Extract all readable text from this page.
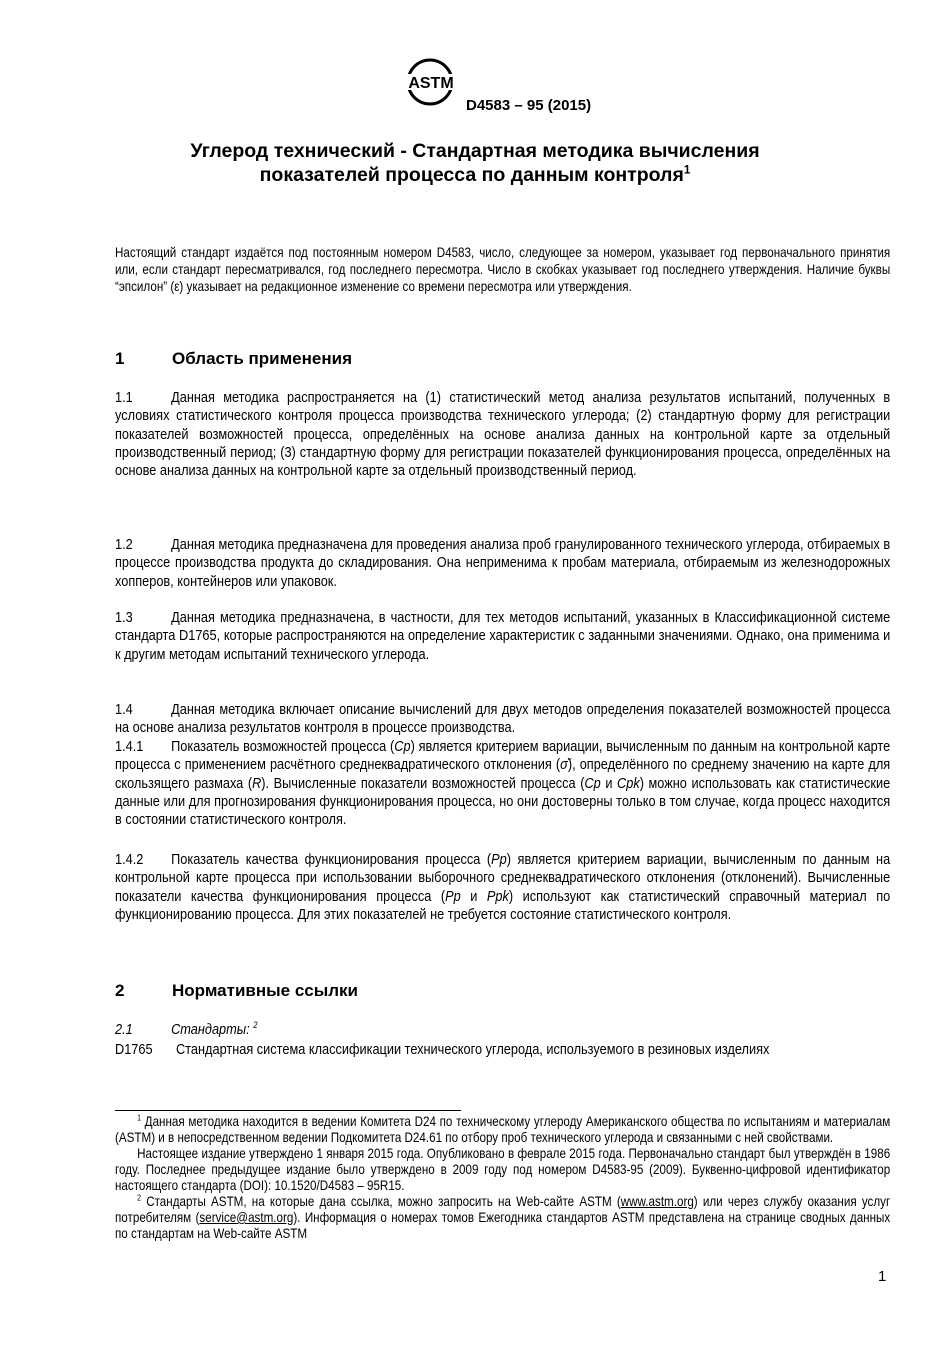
ASTM
D4583 – 95 (2015)
Углерод технический - Стандартная методика вычисления
показателей процесса по данным контроля$^1$
Настоящий стандарт издаётся под постоянным номером D4583, число, следующее за номером, указывает год первоначального принятия или, если стандарт пересматривался, год последнего пересмотра. Число в скобках указывает год последнего утверждения. Наличие буквы “эпсилон” (ε) указывает на редакционное изменение со времени пересмотра или утверждения.
1	Область применения

1.1	Данная методика распространяется на (1) статистический метод анализа результатов испытаний, полученных в условиях статистического контроля процесса производства технического углерода; (2) стандартную форму для регистрации показателей возможностей процесса, определённых на основе анализа данных на контрольной карте за отдельный производственный период; (3) стандартную форму для регистрации показателей функционирования процесса, определённых на основе анализа данных на контрольной карте за отдельный производственный период.

1.2	Данная методика предназначена для проведения анализа проб гранулированного технического углерода, отбираемых в процессе производства продукта до складирования. Она неприменима к пробам материала, отбираемым из железнодорожных хопперов, контейнеров или упаковок.

1.3	Данная методика предназначена, в частности, для тех методов испытаний, указанных в Классификационной системе стандарта D1765, которые распространяются на определение характеристик с заданными значениями. Однако, она применима и к другим методам испытаний технического углерода.

1.4	Данная методика включает описание вычислений для двух методов определения показателей возможностей процесса на основе анализа результатов контроля в процессе производства.

1.4.1 Показатель возможностей процесса (Cp) является критерием вариации, вычисленным по данным на контрольной карте процесса с применением расчётного среднеквадратического отклонения (σ̆), определённого по среднему значению на карте для скользящего размаха (R). Вычисленные показатели возможностей процесса (Cp и Cpk) можно использовать как статистические данные или для прогнозирования функционирования процесса, но они достоверны только в том случае, когда процесс находится в состоянии статистического контроля.

1.4.2 Показатель качества функционирования процесса (Pp) является критерием вариации, вычисленным по данным на контрольной карте процесса при использовании выборочного среднеквадратического отклонения (отклонений). Вычисленные показатели качества функционирования процесса (Pp и Ppk) используют как статистический справочный материал по функционированию процесса. Для этих показателей не требуется состояние статистического контроля.

2	Нормативные ссылки

2.1	Стандарты: $^2$

D1765 Стандартная система классификации технического углерода, используемого в резиновых изделиях

$^1$ Данная методика находится в ведении Комитета D24 по техническому углероду Американского общества по испытаниям и материалам (ASTM) и в непосредственном ведении Подкомитета D24.61 по отбору проб технического углерода и связанными с ней свойствами.

Настоящее издание утверждено 1 января 2015 года. Опубликовано в феврале 2015 года. Первоначально стандарт был утверждён в 1986 году. Последнее предыдущее издание было утверждено в 2009 году под номером D4583-95 (2009). Буквенно-цифровой идентификатор настоящего стандарта (DOI): 10.1520/D4583 – 95R15.

$^2$ Стандарты ASTM, на которые дана ссылка, можно запросить на Web-сайте ASTM (www.astm.org) или через службу оказания услуг потребителям (service@astm.org). Информация о номерах томов Ежегодника стандартов ASTM представлена на странице сводных данных по стандартам на Web-сайте ASTM

1
